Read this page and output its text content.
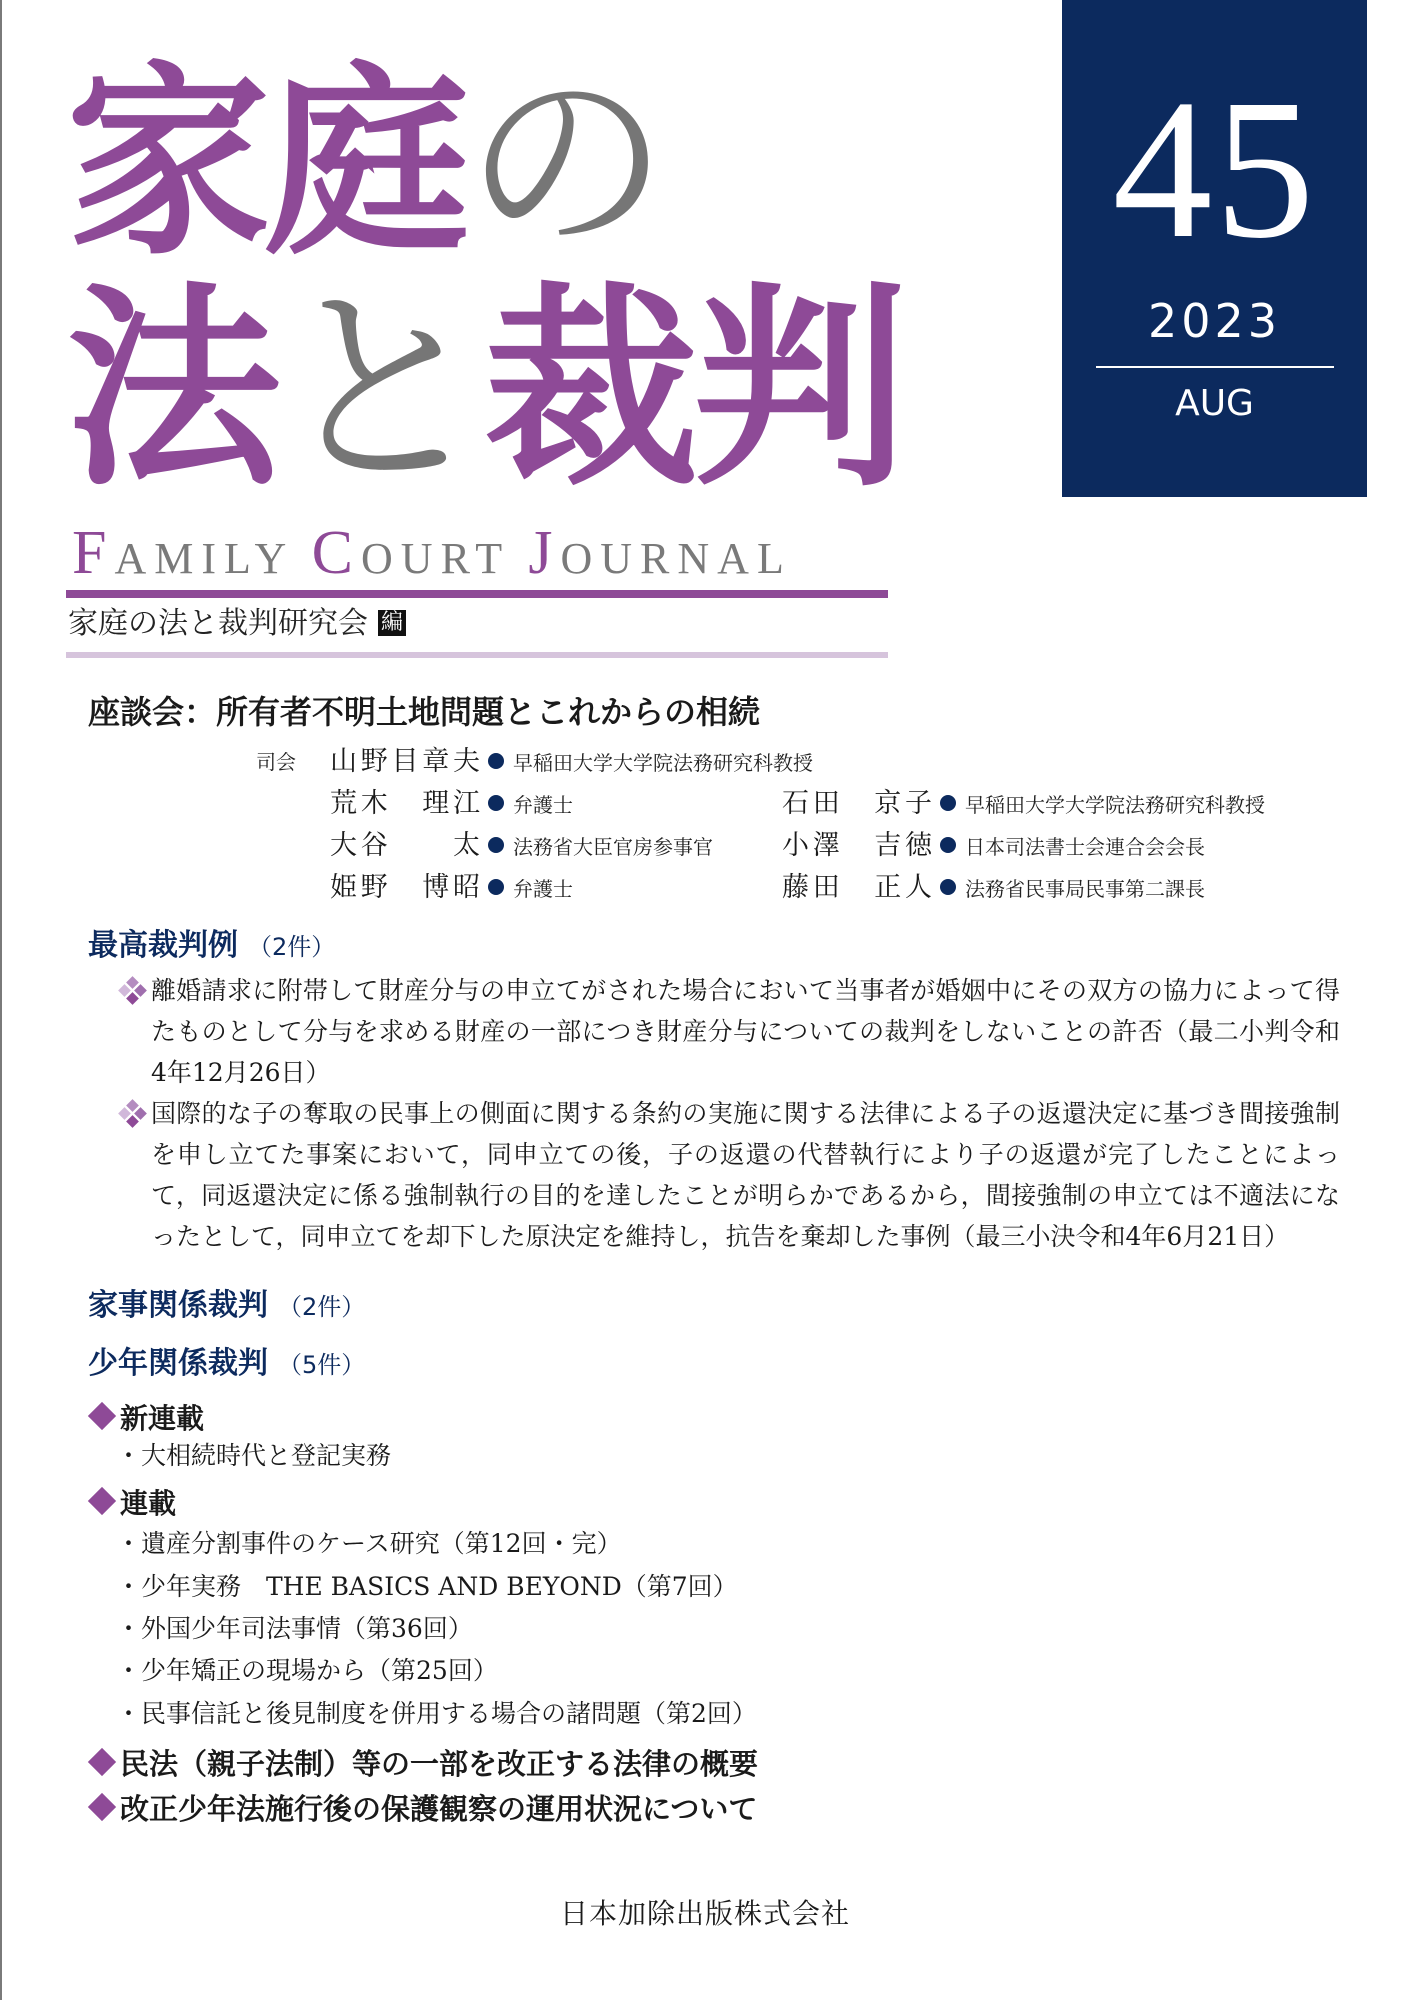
家庭の
法と裁判
FAMILY COURT JOURNAL
家庭の法と裁判研究会 編
45
2023
AUG
座談会：所有者不明土地問題とこれからの相続
司会 山野目章夫 早稲田大学大学院法務研究科教授
荒木　理江 弁護士	石田　京子 早稲田大学大学院法務研究科教授
大谷　　太 法務省大臣官房参事官	小澤　吉徳 日本司法書士会連合会会長
姫野　博昭 弁護士	藤田　正人 法務省民事局民事第二課長
最高裁判例 （2件）
離婚請求に附帯して財産分与の申立てがされた場合において当事者が婚姻中にその双方の協力によって得たものとして分与を求める財産の一部につき財産分与についての裁判をしないことの許否（最二小判令和4年12月26日）
国際的な子の奪取の民事上の側面に関する条約の実施に関する法律による子の返還決定に基づき間接強制を申し立てた事案において，同申立ての後，子の返還の代替執行により子の返還が完了したことによって，同返還決定に係る強制執行の目的を達したことが明らかであるから，間接強制の申立ては不適法になったとして，同申立てを却下した原決定を維持し，抗告を棄却した事例（最三小決令和4年6月21日）
家事関係裁判 （2件）
少年関係裁判 （5件）
新連載
・大相続時代と登記実務
連載
・遺産分割事件のケース研究（第12回・完）
・少年実務　THE BASICS AND BEYOND（第7回）
・外国少年司法事情（第36回）
・少年矯正の現場から（第25回）
・民事信託と後見制度を併用する場合の諸問題（第2回）
民法（親子法制）等の一部を改正する法律の概要
改正少年法施行後の保護観察の運用状況について
日本加除出版株式会社
